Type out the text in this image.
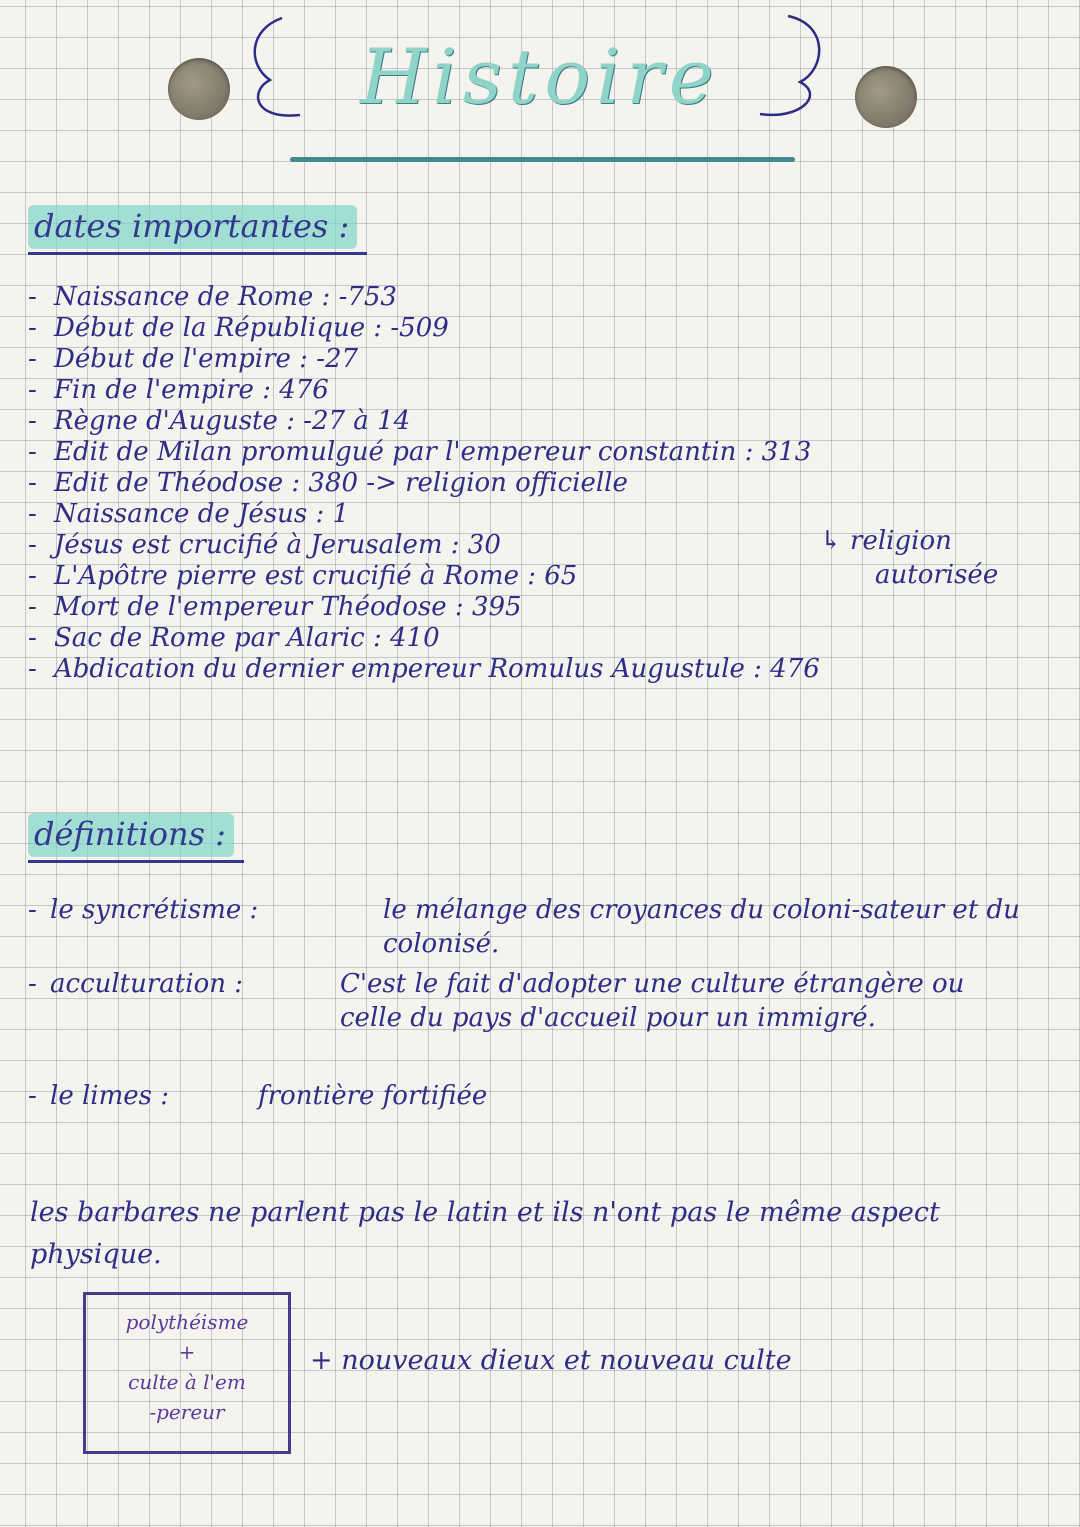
Histoire
dates importantes :
- Naissance de Rome : -753
- Début de la République : -509
- Début de l'empire : -27
- Fin de l'empire : 476
- Règne d'Auguste : -27 à 14
- Edit de Milan promulgué par l'empereur constantin : 313
- Edit de Théodose : 380 -> religion officielle
- Naissance de Jésus : 1
- Jésus est crucifié à Jerusalem : 30
- L'Apôtre pierre est crucifié à Rome : 65
- Mort de l'empereur Théodose : 395
- Sac de Rome par Alaric : 410
- Abdication du dernier empereur Romulus Augustule : 476
↳ religion
autorisée
définitions :
- le syncrétisme :	le mélange des croyances du coloni-sateur et du colonisé.
- acculturation :	C'est le fait d'adopter une culture étrangère ou celle du pays d'accueil pour un immigré.
- le limes :	frontière fortifiée
les barbares ne parlent pas le latin et ils n'ont pas le même aspect physique.
polythéisme
+
culte à l'em
-pereur
+ nouveaux dieux et nouveau culte
